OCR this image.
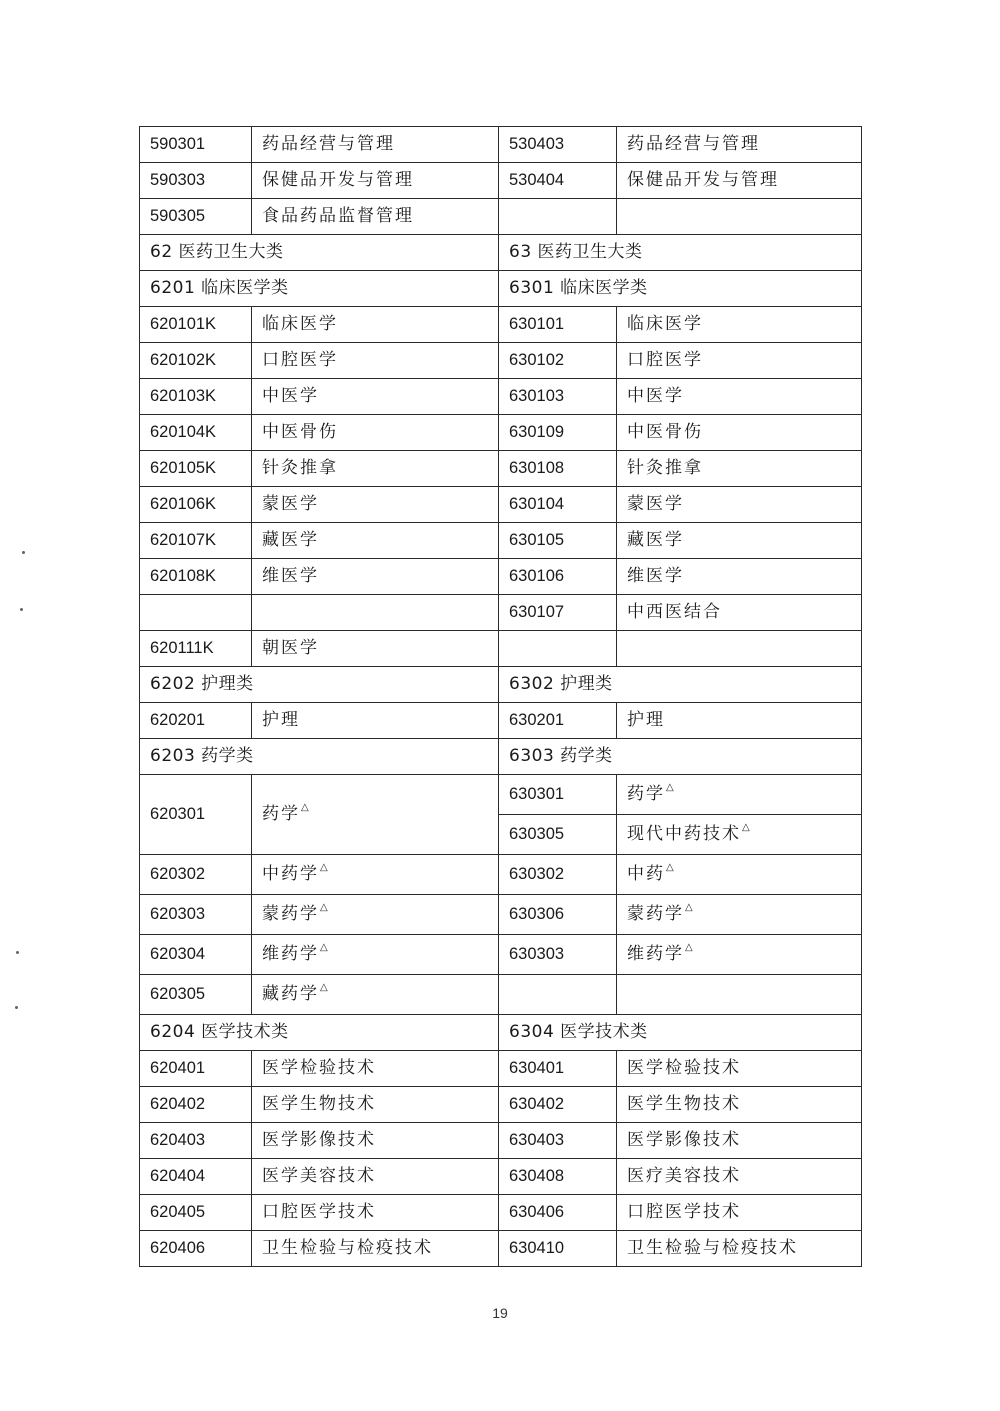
590301	药品经营与管理	530403	药品经营与管理
590303	保健品开发与管理	530404	保健品开发与管理
590305	食品药品监督管理		
62 医药卫生大类		63 医药卫生大类	
6201 临床医学类		6301 临床医学类	
620101K	临床医学	630101	临床医学
620102K	口腔医学	630102	口腔医学
620103K	中医学	630103	中医学
620104K	中医骨伤	630109	中医骨伤
620105K	针灸推拿	630108	针灸推拿
620106K	蒙医学	630104	蒙医学
620107K	藏医学	630105	藏医学
620108K	维医学	630106	维医学
		630107	中西医结合
620111K	朝医学		
6202 护理类		6302 护理类	
620201	护理	630201	护理
6203 药学类		6303 药学类	
620301	药学△	630301	药学△
		630305	现代中药技术△
620302	中药学△	630302	中药△
620303	蒙药学△	630306	蒙药学△
620304	维药学△	630303	维药学△
620305	藏药学△		
6204 医学技术类		6304 医学技术类	
620401	医学检验技术	630401	医学检验技术
620402	医学生物技术	630402	医学生物技术
620403	医学影像技术	630403	医学影像技术
620404	医学美容技术	630408	医疗美容技术
620405	口腔医学技术	630406	口腔医学技术
620406	卫生检验与检疫技术	630410	卫生检验与检疫技术
19
